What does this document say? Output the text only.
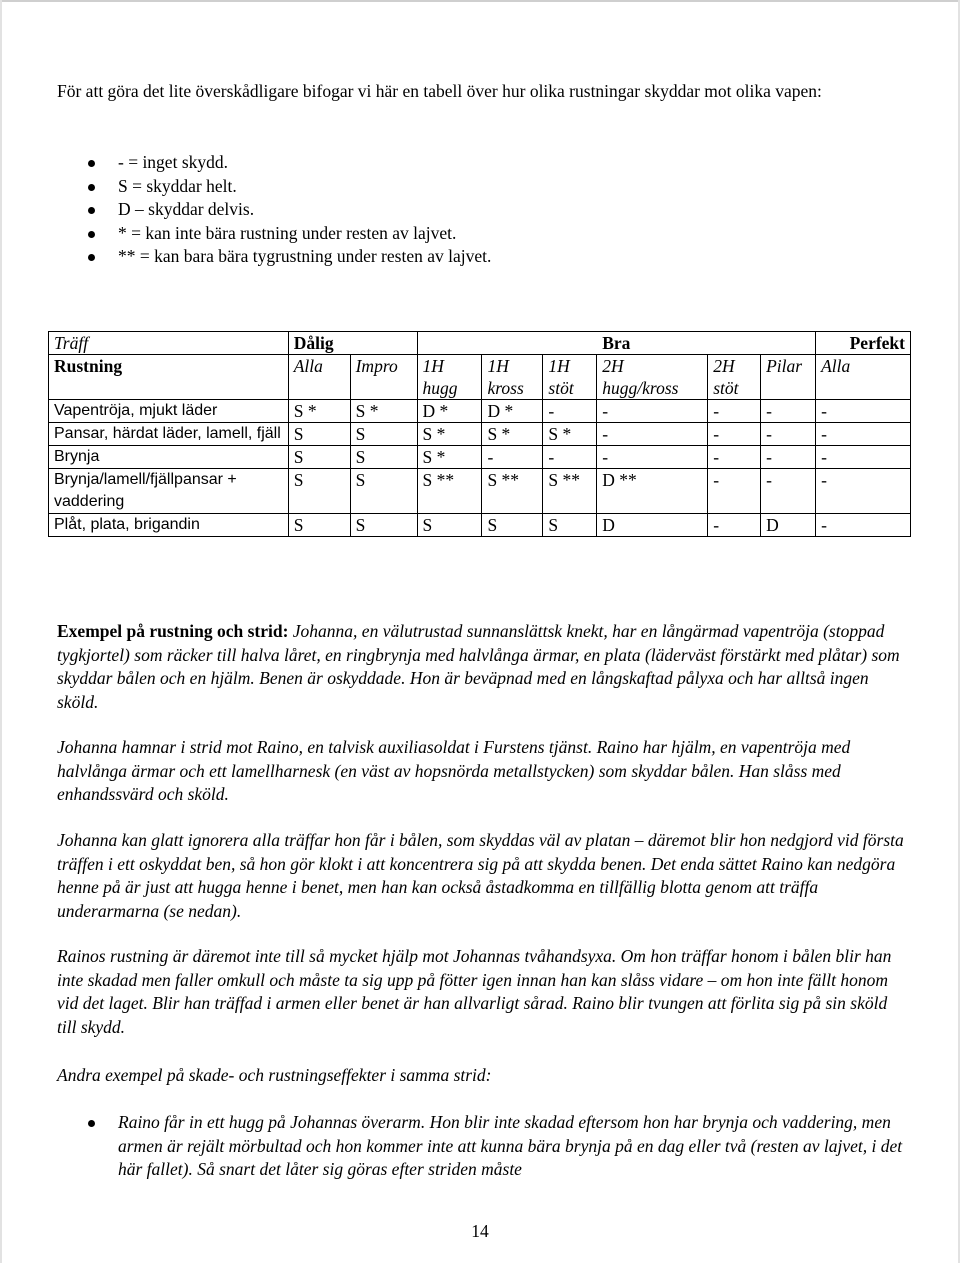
För att göra det lite överskådligare bifogar vi här en tabell över hur olika rustningar skyddar mot olika vapen:

- = inget skydd.
S = skyddar helt.
D – skyddar delvis.
* = kan inte bära rustning under resten av lajvet.
** = kan bara bära tygrustning under resten av lajvet.
Träff	Dålig		Bra						Perfekt
Rustning	Alla	Impro	1H hugg	1H kross	1H stöt	2H hugg/kross	2H stöt	Pilar	Alla
Vapentröja, mjukt läder	S *	S *	D *	D *	-	-	-	-	-
Pansar, härdat läder, lamell, fjäll	S	S	S *	S *	S *	-	-	-	-
Brynja	S	S	S *	-	-	-	-	-	-
Brynja/lamell/fjällpansar + vaddering	S	S	S **	S **	S **	D **	-	-	-
Plåt, plata, brigandin	S	S	S	S	S	D	-	D	-

Exempel på rustning och strid: Johanna, en välutrustad sunnanslättsk knekt, har en långärmad vapentröja (stoppad tygkjortel) som räcker till halva låret, en ringbrynja med halvlånga ärmar, en plata (läderväst förstärkt med plåtar) som skyddar bålen och en hjälm. Benen är oskyddade. Hon är beväpnad med en långskaftad pålyxa och har alltså ingen sköld.

Johanna hamnar i strid mot Raino, en talvisk auxiliasoldat i Furstens tjänst. Raino har hjälm, en vapentröja med halvlånga ärmar och ett lamellharnesk (en väst av hopsnörda metallstycken) som skyddar bålen. Han slåss med enhandssvärd och sköld.

Johanna kan glatt ignorera alla träffar hon får i bålen, som skyddas väl av platan – däremot blir hon nedgjord vid första träffen i ett oskyddat ben, så hon gör klokt i att koncentrera sig på att skydda benen. Det enda sättet Raino kan nedgöra henne på är just att hugga henne i benet, men han kan också åstadkomma en tillfällig blotta genom att träffa underarmarna (se nedan).

Rainos rustning är däremot inte till så mycket hjälp mot Johannas tvåhandsyxa. Om hon träffar honom i bålen blir han inte skadad men faller omkull och måste ta sig upp på fötter igen innan han kan slåss vidare – om hon inte fällt honom vid det laget. Blir han träffad i armen eller benet är han allvarligt sårad. Raino blir tvungen att förlita sig på sin sköld till skydd.

Andra exempel på skade- och rustningseffekter i samma strid:

Raino får in ett hugg på Johannas överarm. Hon blir inte skadad eftersom hon har brynja och vaddering, men armen är rejält mörbultad och hon kommer inte att kunna bära brynja på en dag eller två (resten av lajvet, i det här fallet). Så snart det låter sig göras efter striden måste
14
